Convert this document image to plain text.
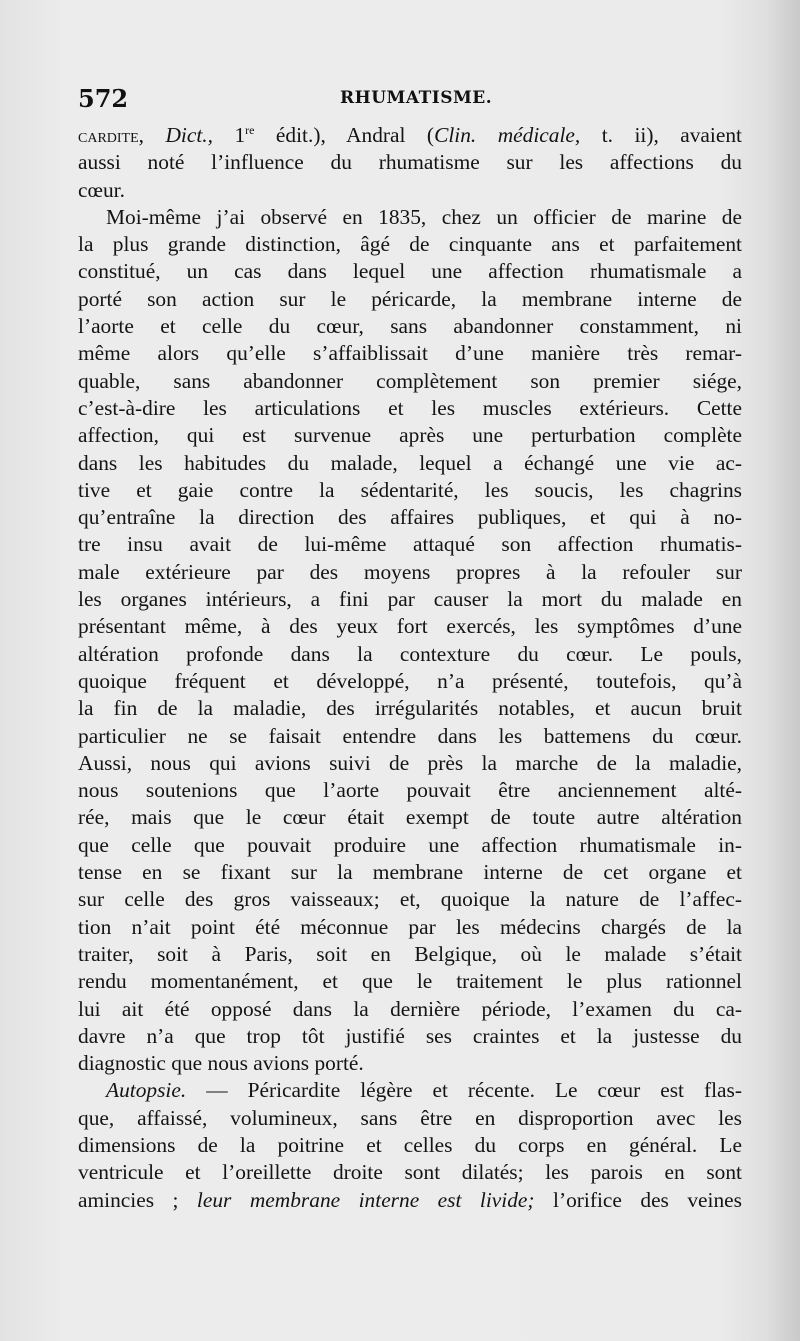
572	RHUMATISME.
cardite, Dict., 1re édit.), Andral (Clin. médicale, t. ii), avaient
aussi noté l’influence du rhumatisme sur les affections du
cœur.
Moi-même j’ai observé en 1835, chez un officier de marine de
la plus grande distinction, âgé de cinquante ans et parfaitement
constitué, un cas dans lequel une affection rhumatismale a
porté son action sur le péricarde, la membrane interne de
l’aorte et celle du cœur, sans abandonner constamment, ni
même alors qu’elle s’affaiblissait d’une manière très remar-
quable, sans abandonner complètement son premier siége,
c’est-à-dire les articulations et les muscles extérieurs. Cette
affection, qui est survenue après une perturbation complète
dans les habitudes du malade, lequel a échangé une vie ac-
tive et gaie contre la sédentarité, les soucis, les chagrins
qu’entraîne la direction des affaires publiques, et qui à no-
tre insu avait de lui-même attaqué son affection rhumatis-
male extérieure par des moyens propres à la refouler sur
les organes intérieurs, a fini par causer la mort du malade en
présentant même, à des yeux fort exercés, les symptômes d’une
altération profonde dans la contexture du cœur. Le pouls,
quoique fréquent et développé, n’a présenté, toutefois, qu’à
la fin de la maladie, des irrégularités notables, et aucun bruit
particulier ne se faisait entendre dans les battemens du cœur.
Aussi, nous qui avions suivi de près la marche de la maladie,
nous soutenions que l’aorte pouvait être anciennement alté-
rée, mais que le cœur était exempt de toute autre altération
que celle que pouvait produire une affection rhumatismale in-
tense en se fixant sur la membrane interne de cet organe et
sur celle des gros vaisseaux; et, quoique la nature de l’affec-
tion n’ait point été méconnue par les médecins chargés de la
traiter, soit à Paris, soit en Belgique, où le malade s’était
rendu momentanément, et que le traitement le plus rationnel
lui ait été opposé dans la dernière période, l’examen du ca-
davre n’a que trop tôt justifié ses craintes et la justesse du
diagnostic que nous avions porté.
Autopsie. — Péricardite légère et récente. Le cœur est flas-
que, affaissé, volumineux, sans être en disproportion avec les
dimensions de la poitrine et celles du corps en général. Le
ventricule et l’oreillette droite sont dilatés; les parois en sont
amincies ; leur membrane interne est livide; l’orifice des veines
